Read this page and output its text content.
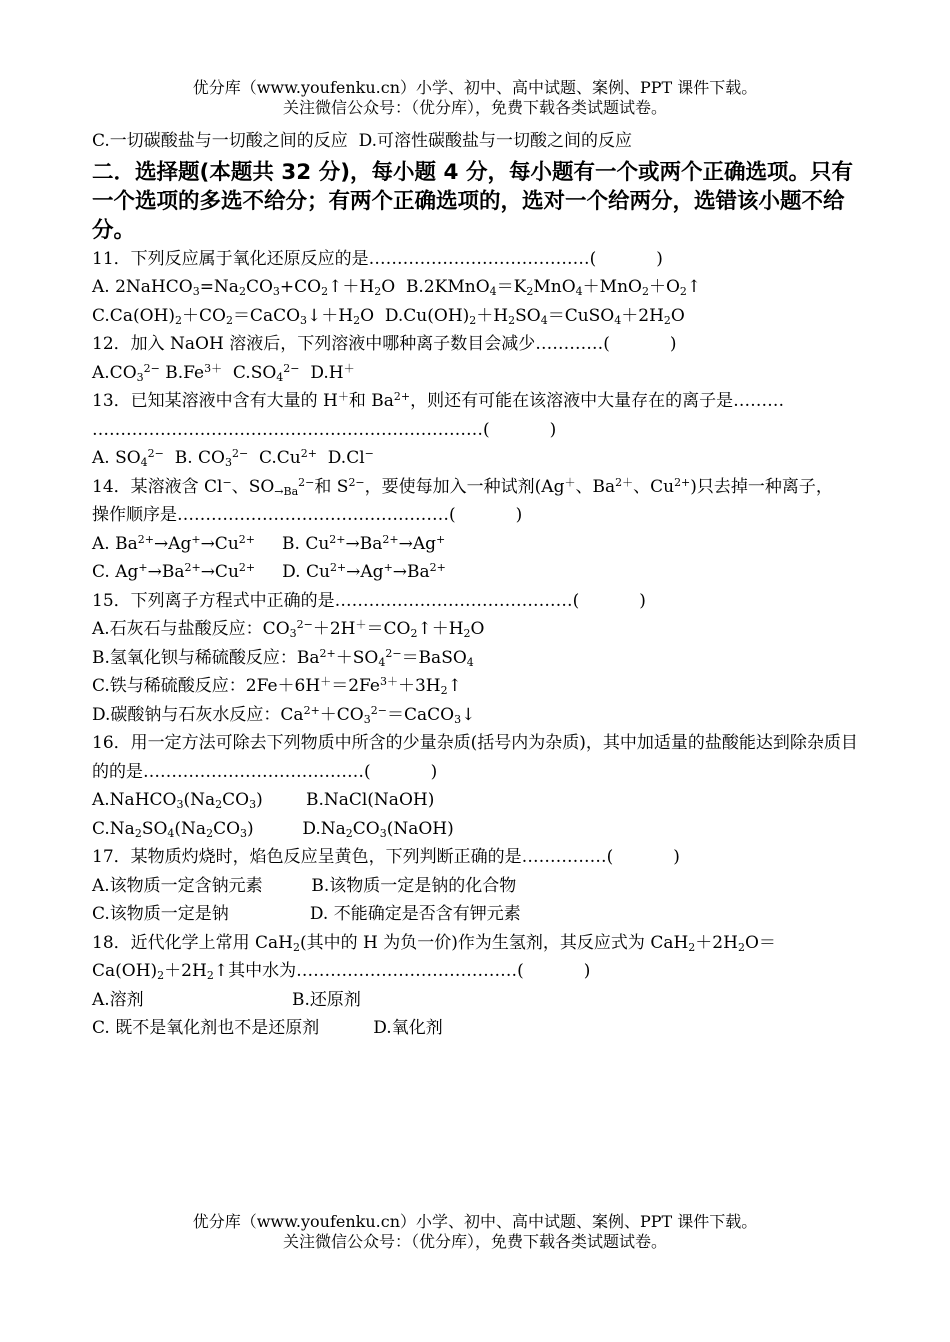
优分库（www.youfenku.cn）小学、初中、高中试题、案例、PPT 课件下载。
关注微信公众号：（优分库），免费下载各类试题试卷。
C.一切碳酸盐与一切酸之间的反应 D.可溶性碳酸盐与一切酸之间的反应
二．选择题(本题共 32 分)，每小题 4 分，每小题有一个或两个正确选项。只有一个选项的多选不给分；有两个正确选项的，选对一个给两分，选错该小题不给分。
11．下列反应属于氧化还原反应的是…………………………………(	)
A. $2NaHCO_3=Na_2CO_3+CO_2↑+H_2O$ $B.2KMnO_4=K_2MnO_4+MnO_2+O_2↑$
$C.Ca(OH)_2+CO_2=CaCO_3↓+H_2O$ $D.Cu(OH)_2+H_2SO_4=CuSO_4+2H_2O$
12．加入 NaOH 溶液后，下列溶液中哪种离子数目会减少…………(	)
$A.CO_3^{2-}$ $B.Fe^{3+}$ $C.SO_4^{2-}$ D.H＋
13．已知某溶液中含有大量的 H＋和 $Ba^{2+}$，则还有可能在该溶液中大量存在的离子是………
……………………………………………………………(	)
A. $SO_4^{2-}$ B. $CO_3^{2-}$ $C.Cu^{2+}$ D.Cl−
14．某溶液含 Cl−、$SO_{\to Ba}^{2-}$和 $S^{2-}$，要使每加入一种试剂(Ag＋、$Ba^{2+}$、$Cu^{2+}$)只去掉一种离子，
操作顺序是…………………………………………(	)
A. $Ba^{2+}\to Ag^+\to Cu^{2+}$ B. $Cu^{2+}\to Ba^{2+}\to Ag^+$
C. $Ag^+\to Ba^{2+}\to Cu^{2+}$ D. $Cu^{2+}\to Ag^+\to Ba^{2+}$
15．下列离子方程式中正确的是……………………………………(	)
A.石灰石与盐酸反应：$CO_3^{2-}+2H^+=CO_2↑+H_2O$
B.氢氧化钡与稀硫酸反应：$Ba^{2+}+SO_4^{2-}=BaSO_4$
C.铁与稀硫酸反应：$2Fe+6H^+=2Fe^{3+}+3H_2↑$
D.碳酸钠与石灰水反应：$Ca^{2+}+CO_3^{2-}=CaCO_3↓$
16．用一定方法可除去下列物质中所含的少量杂质(括号内为杂质)，其中加适量的盐酸能达到除杂质目的的是…………………………………(	)
$A.NaHCO_3(Na_2CO_3)$	B.NaCl(NaOH)
$C.Na_2SO_4(Na_2CO_3)$	$D.Na_2CO_3(NaOH)$
17．某物质灼烧时，焰色反应呈黄色，下列判断正确的是……………(	)
A.该物质一定含钠元素	B.该物质一定是钠的化合物
C.该物质一定是钠	D. 不能确定是否含有钾元素
18．近代化学上常用 CaH$_2$(其中的 H 为负一价)作为生氢剂，其反应式为 $CaH_2+2H_2O=$
$Ca(OH)_2+2H_2↑$其中水为…………………………………(	)
A.溶剂	B.还原剂
C. 既不是氧化剂也不是还原剂	D.氧化剂
优分库（www.youfenku.cn）小学、初中、高中试题、案例、PPT 课件下载。
关注微信公众号：（优分库），免费下载各类试题试卷。
